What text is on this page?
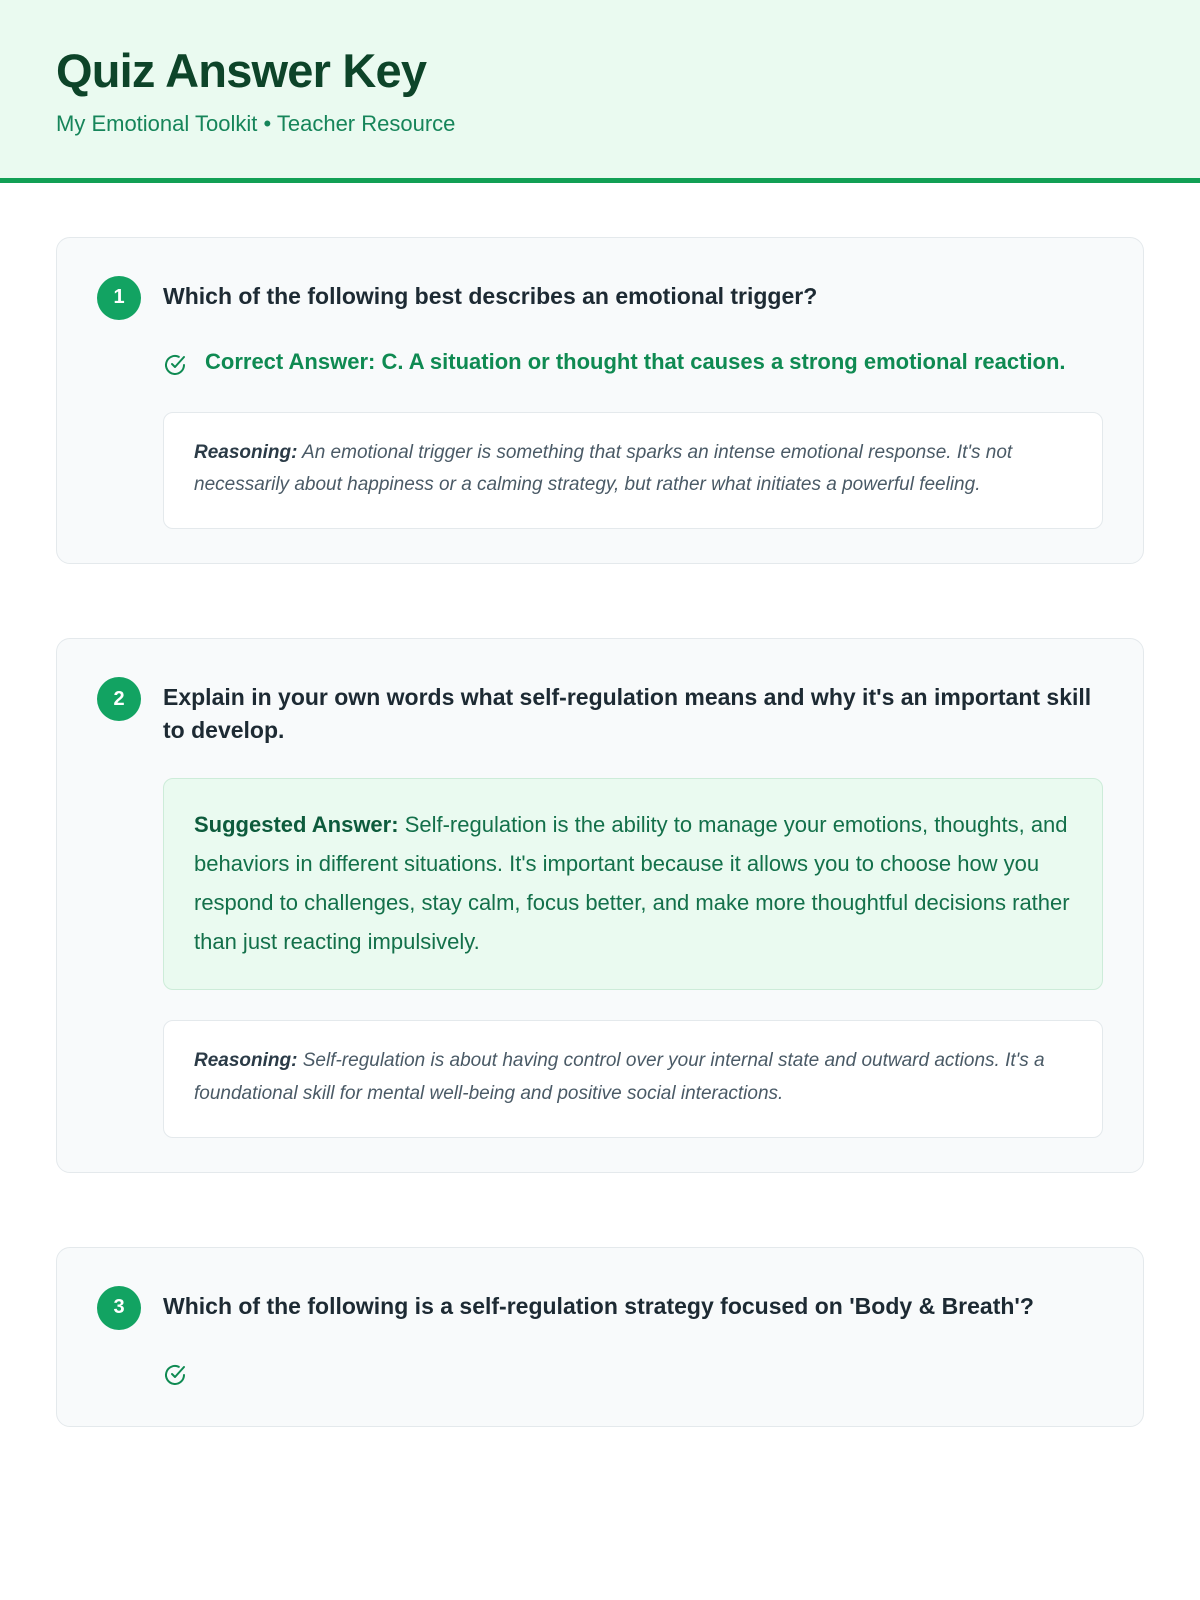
Quiz Answer Key

My Emotional Toolkit • Teacher Resource

1	Which of the following best describes an emotional trigger?
Correct Answer: C. A situation or thought that causes a strong emotional reaction.
Reasoning: An emotional trigger is something that sparks an intense emotional response. It's not necessarily about happiness or a calming strategy, but rather what initiates a powerful feeling.
2	Explain in your own words what self-regulation means and why it's an important skill to develop.
Suggested Answer: Self-regulation is the ability to manage your emotions, thoughts, and behaviors in different situations. It's important because it allows you to choose how you respond to challenges, stay calm, focus better, and make more thoughtful decisions rather than just reacting impulsively.
Reasoning: Self-regulation is about having control over your internal state and outward actions. It's a foundational skill for mental well-being and positive social interactions.
3	Which of the following is a self-regulation strategy focused on 'Body & Breath'?
